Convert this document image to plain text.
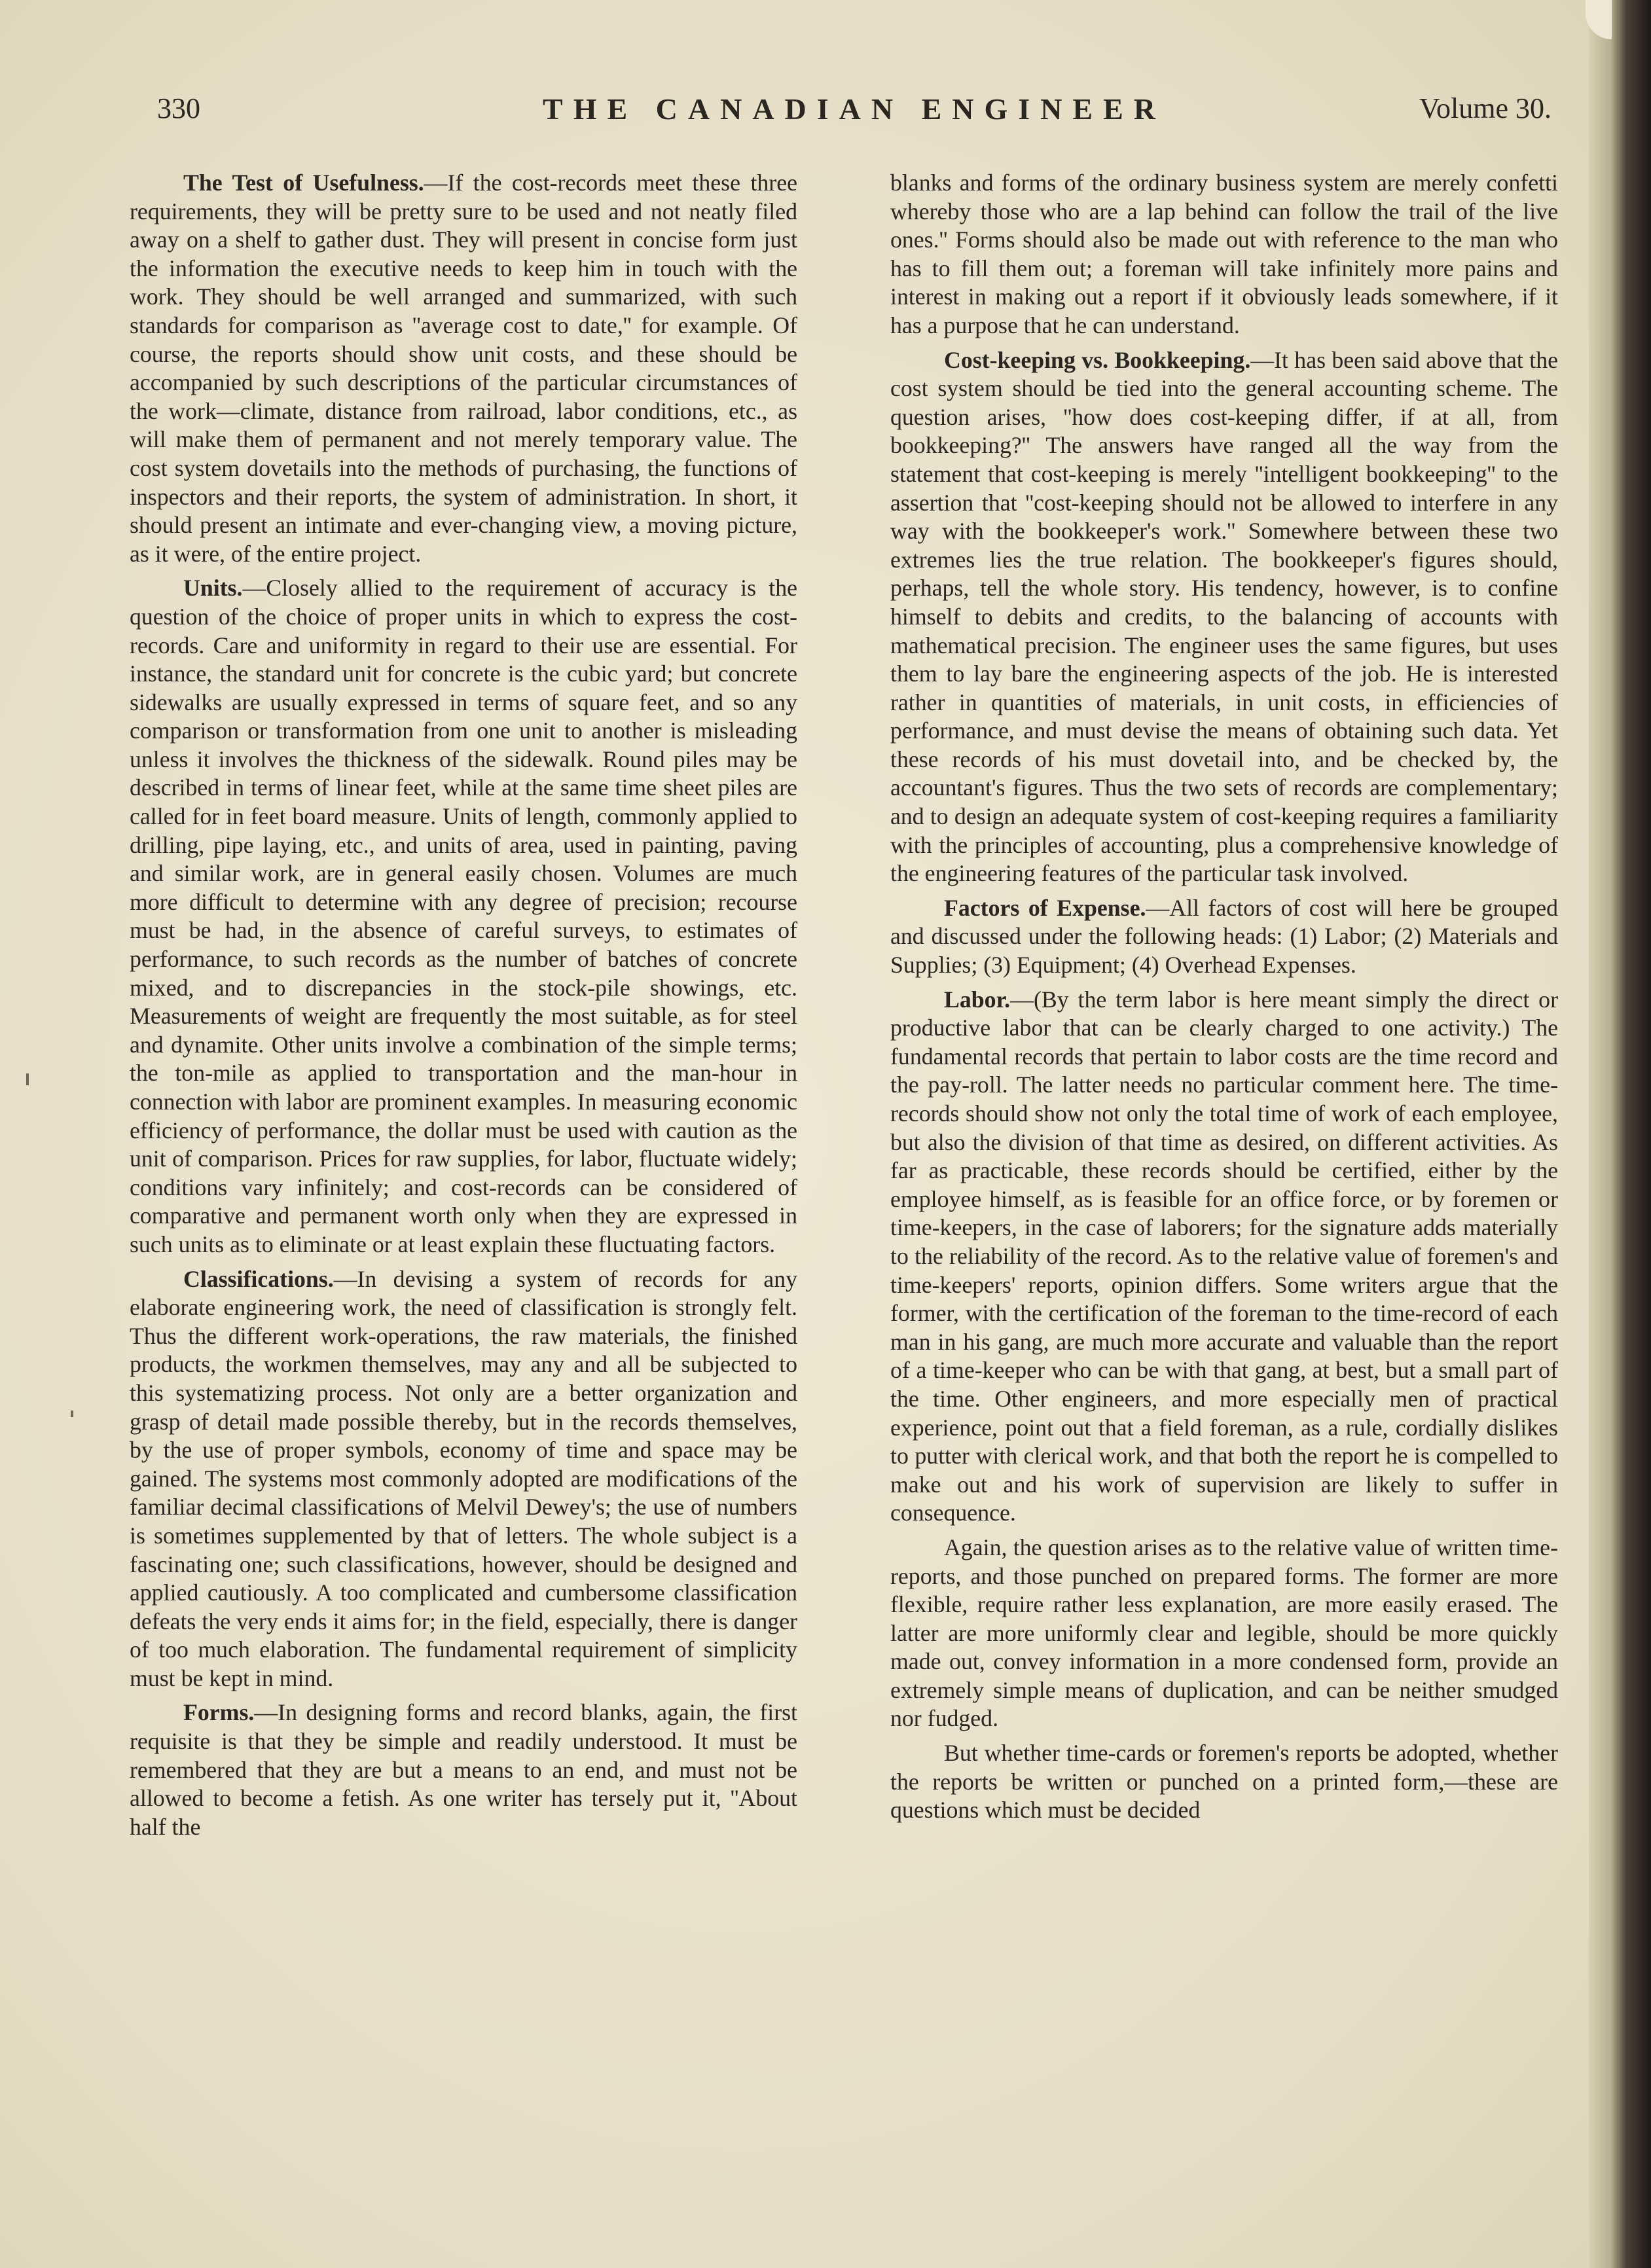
330	THE CANADIAN ENGINEER	Volume 30.

The Test of Usefulness.—If the cost-records meet these three requirements, they will be pretty sure to be used and not neatly filed away on a shelf to gather dust. They will present in concise form just the information the executive needs to keep him in touch with the work. They should be well arranged and summarized, with such standards for comparison as ''average cost to date,'' for example. Of course, the reports should show unit costs, and these should be accompanied by such descriptions of the particular circumstances of the work—climate, distance from railroad, labor conditions, etc., as will make them of permanent and not merely temporary value. The cost system dovetails into the methods of purchasing, the functions of inspectors and their reports, the system of administration. In short, it should present an intimate and ever-changing view, a moving picture, as it were, of the entire project.

Units.—Closely allied to the requirement of accuracy is the question of the choice of proper units in which to express the cost-records. Care and uniformity in regard to their use are essential. For instance, the standard unit for concrete is the cubic yard; but concrete sidewalks are usually expressed in terms of square feet, and so any comparison or transformation from one unit to another is misleading unless it involves the thickness of the sidewalk. Round piles may be described in terms of linear feet, while at the same time sheet piles are called for in feet board measure. Units of length, commonly applied to drilling, pipe laying, etc., and units of area, used in painting, paving and similar work, are in general easily chosen. Volumes are much more difficult to determine with any degree of precision; recourse must be had, in the absence of careful surveys, to estimates of performance, to such records as the number of batches of concrete mixed, and to discrepancies in the stock-pile showings, etc. Measurements of weight are frequently the most suitable, as for steel and dynamite. Other units involve a combination of the simple terms; the ton-mile as applied to transportation and the man-hour in connection with labor are prominent examples. In measuring economic efficiency of performance, the dollar must be used with caution as the unit of comparison. Prices for raw supplies, for labor, fluctuate widely; conditions vary infinitely; and cost-records can be considered of comparative and permanent worth only when they are expressed in such units as to eliminate or at least explain these fluctuating factors.

Classifications.—In devising a system of records for any elaborate engineering work, the need of classification is strongly felt. Thus the different work-operations, the raw materials, the finished products, the workmen themselves, may any and all be subjected to this systematizing process. Not only are a better organization and grasp of detail made possible thereby, but in the records themselves, by the use of proper symbols, economy of time and space may be gained. The systems most commonly adopted are modifications of the familiar decimal classifications of Melvil Dewey's; the use of numbers is sometimes supplemented by that of letters. The whole subject is a fascinating one; such classifications, however, should be designed and applied cautiously. A too complicated and cumbersome classification defeats the very ends it aims for; in the field, especially, there is danger of too much elaboration. The fundamental requirement of simplicity must be kept in mind.

Forms.—In designing forms and record blanks, again, the first requisite is that they be simple and readily understood. It must be remembered that they are but a means to an end, and must not be allowed to become a fetish. As one writer has tersely put it, ''About half the

blanks and forms of the ordinary business system are merely confetti whereby those who are a lap behind can follow the trail of the live ones.'' Forms should also be made out with reference to the man who has to fill them out; a foreman will take infinitely more pains and interest in making out a report if it obviously leads somewhere, if it has a purpose that he can understand.

Cost-keeping vs. Bookkeeping.—It has been said above that the cost system should be tied into the general accounting scheme. The question arises, ''how does cost-keeping differ, if at all, from bookkeeping?'' The answers have ranged all the way from the statement that cost-keeping is merely ''intelligent bookkeeping'' to the assertion that ''cost-keeping should not be allowed to interfere in any way with the bookkeeper's work.'' Somewhere between these two extremes lies the true relation. The bookkeeper's figures should, perhaps, tell the whole story. His tendency, however, is to confine himself to debits and credits, to the balancing of accounts with mathematical precision. The engineer uses the same figures, but uses them to lay bare the engineering aspects of the job. He is interested rather in quantities of materials, in unit costs, in efficiencies of performance, and must devise the means of obtaining such data. Yet these records of his must dovetail into, and be checked by, the accountant's figures. Thus the two sets of records are complementary; and to design an adequate system of cost-keeping requires a familiarity with the principles of accounting, plus a comprehensive knowledge of the engineering features of the particular task involved.

Factors of Expense.—All factors of cost will here be grouped and discussed under the following heads: (1) Labor; (2) Materials and Supplies; (3) Equipment; (4) Overhead Expenses.

Labor.—(By the term labor is here meant simply the direct or productive labor that can be clearly charged to one activity.) The fundamental records that pertain to labor costs are the time record and the pay-roll. The latter needs no particular comment here. The time-records should show not only the total time of work of each employee, but also the division of that time as desired, on different activities. As far as practicable, these records should be certified, either by the employee himself, as is feasible for an office force, or by foremen or time-keepers, in the case of laborers; for the signature adds materially to the reliability of the record. As to the relative value of foremen's and time-keepers' reports, opinion differs. Some writers argue that the former, with the certification of the foreman to the time-record of each man in his gang, are much more accurate and valuable than the report of a time-keeper who can be with that gang, at best, but a small part of the time. Other engineers, and more especially men of practical experience, point out that a field foreman, as a rule, cordially dislikes to putter with clerical work, and that both the report he is compelled to make out and his work of supervision are likely to suffer in consequence.

Again, the question arises as to the relative value of written time-reports, and those punched on prepared forms. The former are more flexible, require rather less explanation, are more easily erased. The latter are more uniformly clear and legible, should be more quickly made out, convey information in a more condensed form, provide an extremely simple means of duplication, and can be neither smudged nor fudged.

But whether time-cards or foremen's reports be adopted, whether the reports be written or punched on a printed form,—these are questions which must be decided
